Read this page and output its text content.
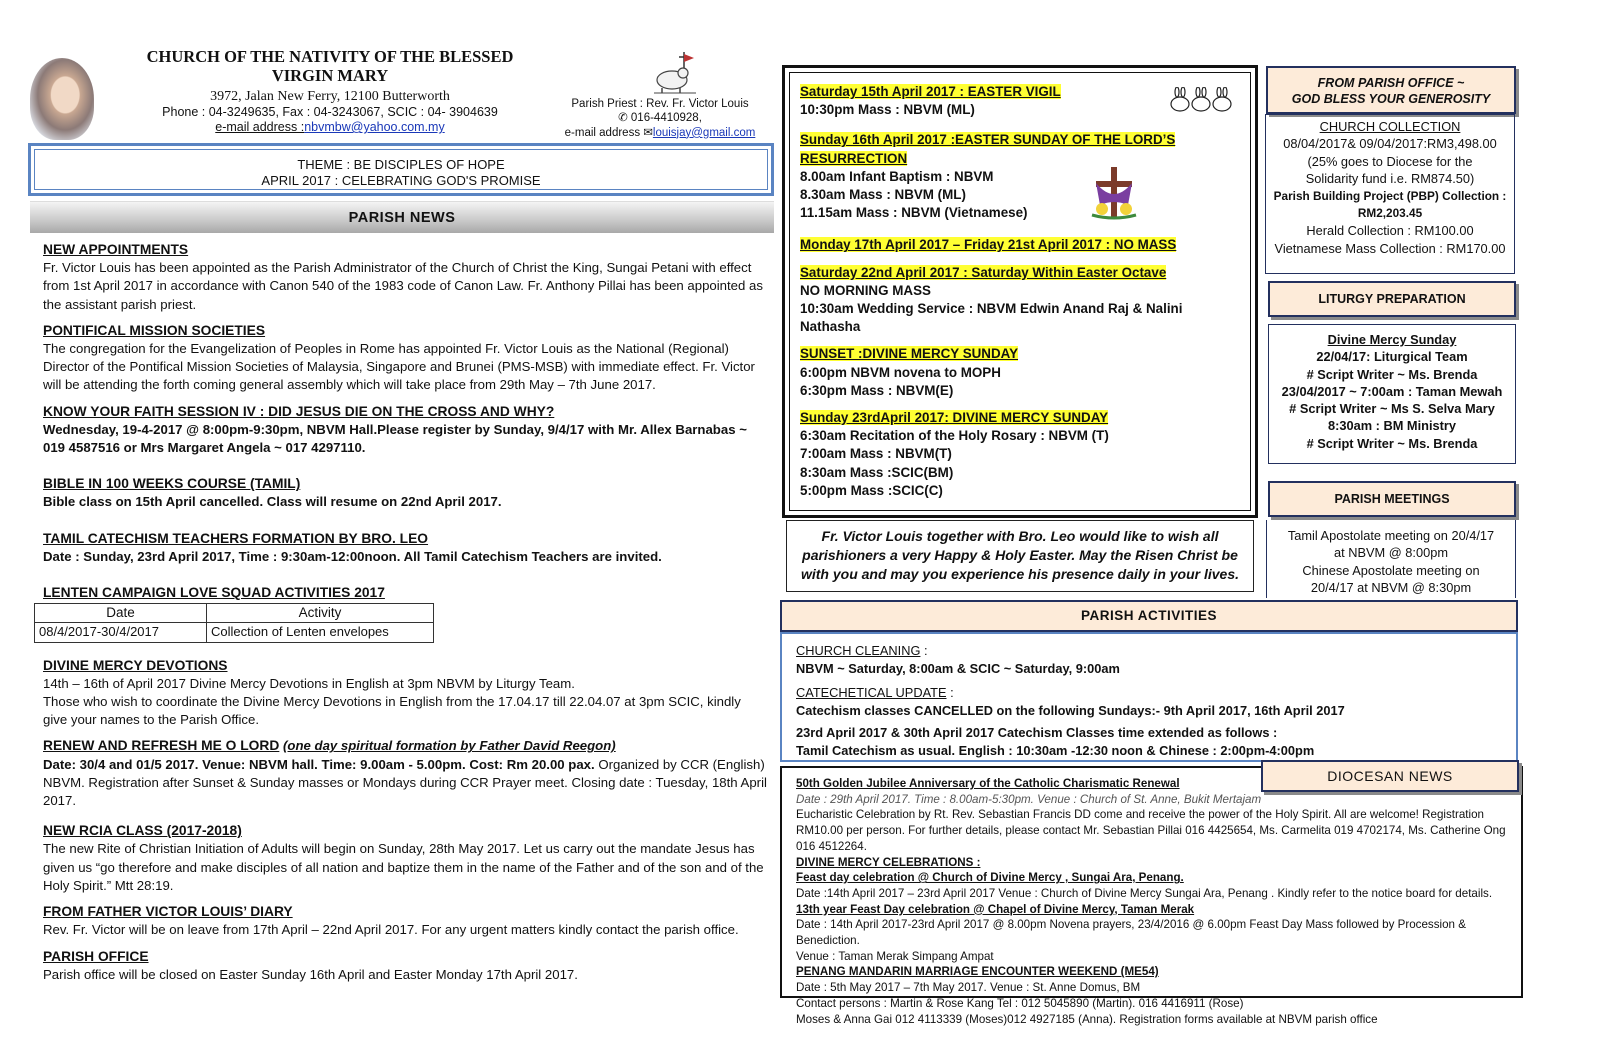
CHURCH OF THE NATIVITY OF THE BLESSED
VIRGIN MARY
3972, Jalan New Ferry, 12100 Butterworth
Phone : 04-3249635, Fax : 04-3243067, SCIC : 04- 3904639
e-mail address :nbvmbw@yahoo.com.my
Parish Priest : Rev. Fr. Victor Louis
✆ 016-4410928,
e-mail address ✉louisjay@gmail.com
THEME : BE DISCIPLES OF HOPE
APRIL 2017 : CELEBRATING GOD'S PROMISE
PARISH NEWS
NEW APPOINTMENTS
Fr. Victor Louis has been appointed as the Parish Administrator of the Church of Christ the King, Sungai Petani with effect from 1st April 2017 in accordance with Canon 540 of the 1983 code of Canon Law. Fr. Anthony Pillai has been appointed as the assistant parish priest.
PONTIFICAL MISSION SOCIETIES
The congregation for the Evangelization of Peoples in Rome has appointed Fr. Victor Louis as the National (Regional) Director of the Pontifical Mission Societies of Malaysia, Singapore and Brunei (PMS-MSB) with immediate effect. Fr. Victor will be attending the forth coming general assembly which will take place from 29th May – 7th June 2017.
KNOW YOUR FAITH SESSION IV : DID JESUS DIE ON THE CROSS AND WHY?
Wednesday, 19-4-2017 @ 8:00pm-9:30pm, NBVM Hall.Please register by Sunday, 9/4/17 with Mr. Allex Barnabas ~ 019 4587516 or Mrs Margaret Angela ~ 017 4297110.
BIBLE IN 100 WEEKS COURSE (TAMIL)
Bible class on 15th April cancelled. Class will resume on 22nd April 2017.
TAMIL CATECHISM TEACHERS FORMATION BY BRO. LEO
Date : Sunday, 23rd April 2017, Time : 9:30am-12:00noon. All Tamil Catechism Teachers are invited.
LENTEN CAMPAIGN LOVE SQUAD ACTIVITIES 2017
Date	Activity
08/4/2017-30/4/2017	Collection of Lenten envelopes
DIVINE MERCY DEVOTIONS
14th – 16th of April 2017 Divine Mercy Devotions in English at 3pm NBVM by Liturgy Team.
Those who wish to coordinate the Divine Mercy Devotions in English from the 17.04.17 till 22.04.07 at 3pm SCIC, kindly give your names to the Parish Office.
RENEW AND REFRESH ME O LORD (one day spiritual formation by Father David Reegon)
Date: 30/4 and 01/5 2017. Venue: NBVM hall. Time: 9.00am - 5.00pm. Cost: Rm 20.00 pax. Organized by CCR (English) NBVM. Registration after Sunset & Sunday masses or Mondays during CCR Prayer meet. Closing date : Tuesday, 18th April 2017.
NEW RCIA CLASS (2017-2018)
The new Rite of Christian Initiation of Adults will begin on Sunday, 28th May 2017. Let us carry out the mandate Jesus has given us “go therefore and make disciples of all nation and baptize them in the name of the Father and of the son and of the Holy Spirit.” Mtt 28:19.
FROM FATHER VICTOR LOUIS’ DIARY
Rev. Fr. Victor will be on leave from 17th April – 22nd April 2017. For any urgent matters kindly contact the parish office.
PARISH OFFICE
Parish office will be closed on Easter Sunday 16th April and Easter Monday 17th April 2017.
Saturday 15th April 2017 : EASTER VIGIL
10:30pm Mass : NBVM (ML)
Sunday 16th April 2017 :EASTER SUNDAY OF THE LORD’S
RESURRECTION
8.00am Infant Baptism : NBVM
8.30am Mass : NBVM (ML)
11.15am Mass : NBVM (Vietnamese)
Monday 17th April 2017 – Friday 21st April 2017 : NO MASS
Saturday 22nd April 2017 : Saturday Within Easter Octave
NO MORNING MASS
10:30am Wedding Service : NBVM Edwin Anand Raj & Nalini Nathasha
SUNSET :DIVINE MERCY SUNDAY
6:00pm NBVM novena to MOPH
6:30pm Mass : NBVM(E)
Sunday 23rdApril 2017: DIVINE MERCY SUNDAY
6:30am Recitation of the Holy Rosary : NBVM (T)
7:00am Mass : NBVM(T)
8:30am Mass :SCIC(BM)
5:00pm Mass :SCIC(C)
Fr. Victor Louis together with Bro. Leo would like to wish all parishioners a very Happy & Holy Easter. May the Risen Christ be with you and may you experience his presence daily in your lives.
FROM PARISH OFFICE ~
GOD BLESS YOUR GENEROSITY
CHURCH COLLECTION
08/04/2017& 09/04/2017:RM3,498.00
(25% goes to Diocese for the
Solidarity fund i.e. RM874.50)
Parish Building Project (PBP) Collection : RM2,203.45
Herald Collection : RM100.00
Vietnamese Mass Collection : RM170.00
LITURGY PREPARATION
Divine Mercy Sunday
22/04/17: Liturgical Team
# Script Writer ~ Ms. Brenda
23/04/2017 ~ 7:00am : Taman Mewah
# Script Writer ~ Ms S. Selva Mary
8:30am : BM Ministry
# Script Writer ~ Ms. Brenda
PARISH MEETINGS
Tamil Apostolate meeting on 20/4/17
at NBVM @ 8:00pm
Chinese Apostolate meeting on
20/4/17 at NBVM @ 8:30pm
PARISH ACTIVITIES
CHURCH CLEANING :
NBVM ~ Saturday, 8:00am & SCIC ~ Saturday, 9:00am
CATECHETICAL UPDATE :
Catechism classes CANCELLED on the following Sundays:- 9th April 2017, 16th April 2017
23rd April 2017 & 30th April 2017 Catechism Classes time extended as follows :
Tamil Catechism as usual. English : 10:30am -12:30 noon & Chinese : 2:00pm-4:00pm
50th Golden Jubilee Anniversary of the Catholic Charismatic Renewal
Date : 29th April 2017. Time : 8.00am-5:30pm. Venue : Church of St. Anne, Bukit Mertajam
Eucharistic Celebration by Rt. Rev. Sebastian Francis DD come and receive the power of the Holy Spirit. All are welcome! Registration RM10.00 per person. For further details, please contact Mr. Sebastian Pillai 016 4425654, Ms. Carmelita 019 4702174, Ms. Catherine Ong 016 4512264.
DIVINE MERCY CELEBRATIONS :
Feast day celebration @ Church of Divine Mercy , Sungai Ara, Penang.
Date :14th April 2017 – 23rd April 2017 Venue : Church of Divine Mercy Sungai Ara, Penang . Kindly refer to the notice board for details.
13th year Feast Day celebration @ Chapel of Divine Mercy, Taman Merak
Date : 14th April 2017-23rd April 2017 @ 8.00pm Novena prayers, 23/4/2016 @ 6.00pm Feast Day Mass followed by Procession & Benediction.
Venue : Taman Merak Simpang Ampat
PENANG MANDARIN MARRIAGE ENCOUNTER WEEKEND (ME54)
Date : 5th May 2017 – 7th May 2017. Venue : St. Anne Domus, BM
Contact persons : Martin & Rose Kang Tel : 012 5045890 (Martin). 016 4416911 (Rose)
Moses & Anna Gai 012 4113339 (Moses)012 4927185 (Anna). Registration forms available at NBVM parish office
DIOCESAN NEWS
